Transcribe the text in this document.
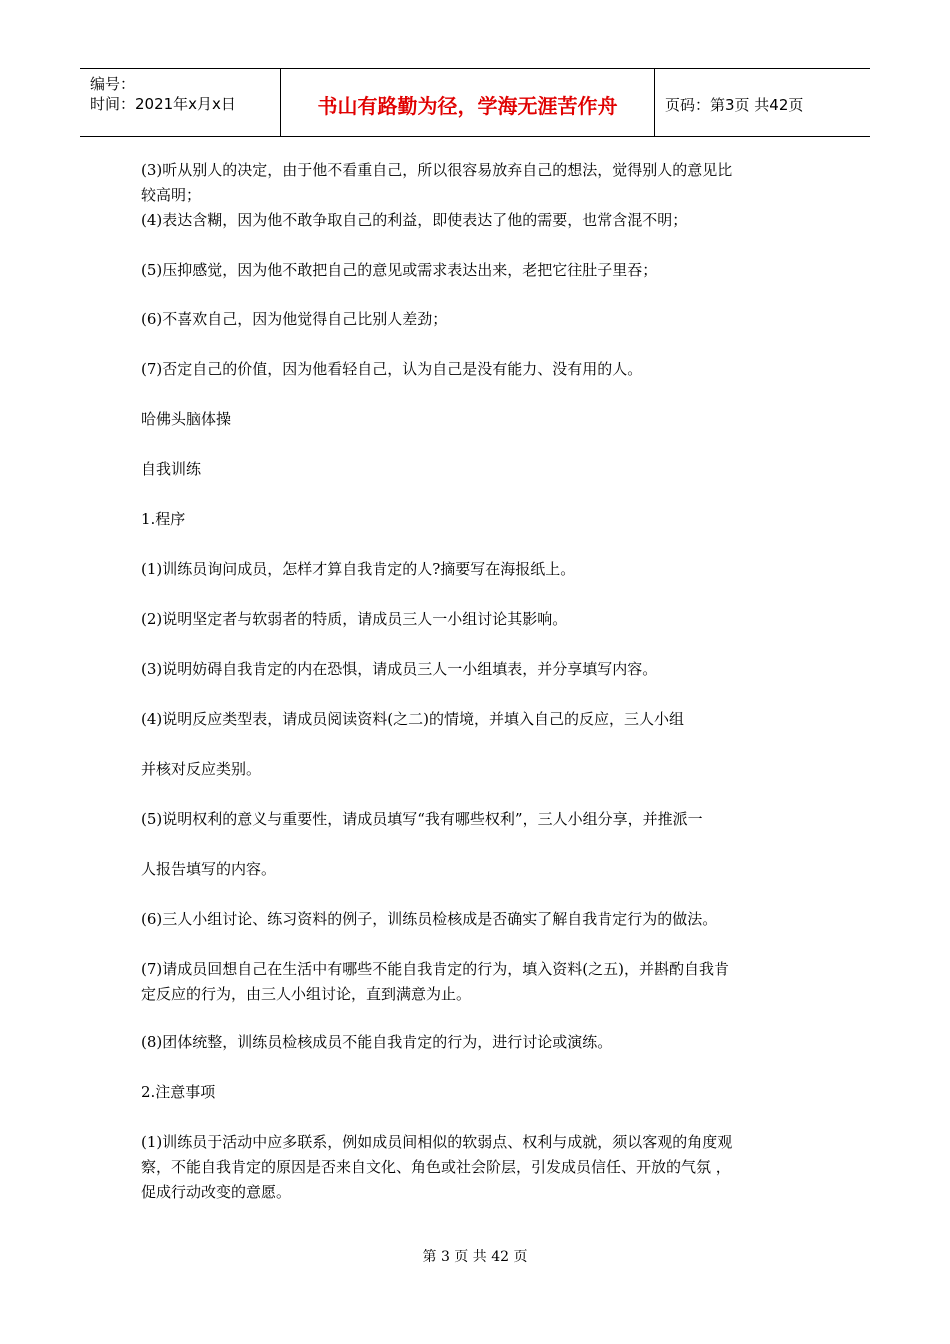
编号：
时间：2021年x月x日	书山有路勤为径，学海无涯苦作舟	页码：第3页 共42页
(3)听从别人的决定，由于他不看重自己，所以很容易放弃自己的想法，觉得别人的意见比
较高明；
(4)表达含糊，因为他不敢争取自己的利益，即使表达了他的需要，也常含混不明；
(5)压抑感觉，因为他不敢把自己的意见或需求表达出来，老把它往肚子里吞；
(6)不喜欢自己，因为他觉得自己比别人差劲；
(7)否定自己的价值，因为他看轻自己，认为自己是没有能力、没有用的人。
哈佛头脑体操
自我训练
1.程序
(1)训练员询问成员，怎样才算自我肯定的人?摘要写在海报纸上。
(2)说明坚定者与软弱者的特质，请成员三人一小组讨论其影响。
(3)说明妨碍自我肯定的内在恐惧，请成员三人一小组填表，并分享填写内容。
(4)说明反应类型表，请成员阅读资料(之二)的情境，并填入自己的反应，三人小组
并核对反应类别。
(5)说明权利的意义与重要性，请成员填写“我有哪些权利”，三人小组分享，并推派一
人报告填写的内容。
(6)三人小组讨论、练习资料的例子，训练员检核成是否确实了解自我肯定行为的做法。
(7)请成员回想自己在生活中有哪些不能自我肯定的行为，填入资料(之五)，并斟酌自我肯
定反应的行为，由三人小组讨论，直到满意为止。
(8)团体统整，训练员检核成员不能自我肯定的行为，进行讨论或演练。
2.注意事项
(1)训练员于活动中应多联系，例如成员间相似的软弱点、权利与成就，须以客观的角度观
察，不能自我肯定的原因是否来自文化、角色或社会阶层，引发成员信任、开放的气氛 ，
促成行动改变的意愿。
第 3 页 共 42 页
